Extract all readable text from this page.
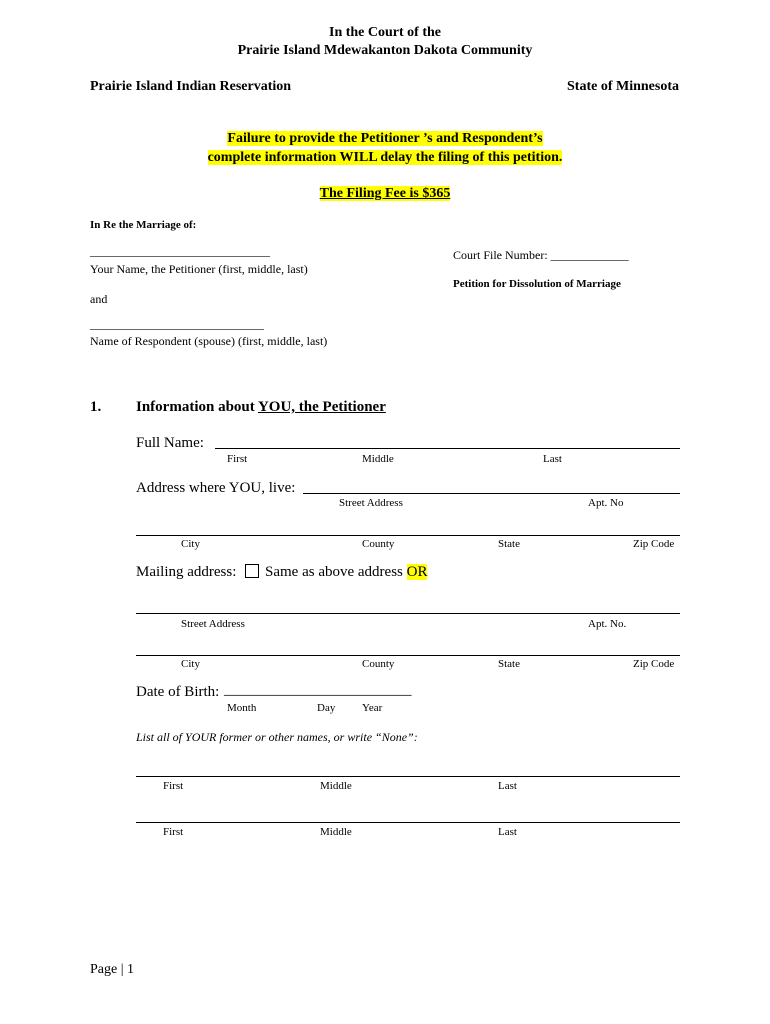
In the Court of the
Prairie Island Mdewakanton Dakota Community
Prairie Island Indian Reservation	State of Minnesota
Failure to provide the Petitioner ’s and Respondent’s
complete information WILL delay the filing of this petition.
The Filing Fee is $365
In Re the Marriage of:
______________________________
Your Name, the Petitioner (first, middle, last)
and
_____________________________
Name of Respondent (spouse) (first, middle, last)
Court File Number: _____________
Petition for Dissolution of Marriage
1. Information about YOU, the Petitioner
Full Name:
First	Middle	Last
Address where YOU, live:
Street Address	Apt. No
City	County	State	Zip Code
Mailing address: Same as above address OR
Street Address	Apt. No.
City	County	State	Zip Code
Date of Birth: _________________________
Month	Day Year
List all of YOUR former or other names, or write “None”:
First	Middle	Last
First	Middle	Last
Page | 1
